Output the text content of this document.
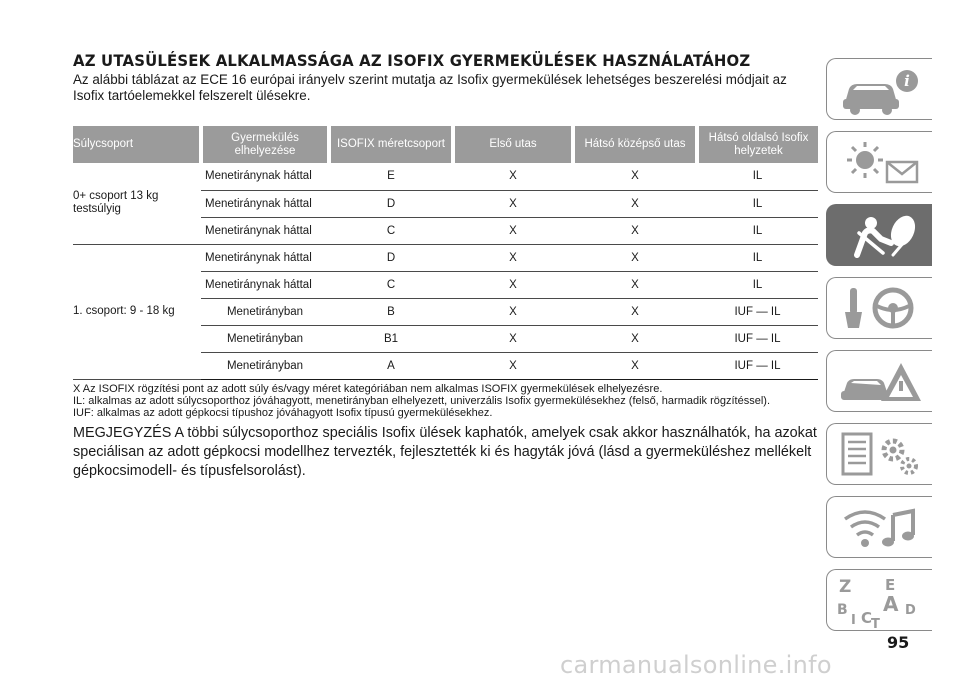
AZ UTASÜLÉSEK ALKALMASSÁGA AZ ISOFIX GYERMEKÜLÉSEK HASZNÁLATÁHOZ

Az alábbi táblázat az ECE 16 európai irányelv szerint mutatja az Isofix gyermekülések lehetséges beszerelési módjait az Isofix tartóelemekkel felszerelt ülésekre.

Súlycsoport	Gyermekülés elhelyezése	ISOFIX méretcsoport	Első utas	Hátsó középső utas	Hátsó oldalsó Isofix helyzetek
0+ csoport 13 kg testsúlyig	Menetiránynak háttal	E	X	X	IL
	Menetiránynak háttal	D	X	X	IL
	Menetiránynak háttal	C	X	X	IL
1. csoport: 9 - 18 kg	Menetiránynak háttal	D	X	X	IL
	Menetiránynak háttal	C	X	X	IL
	Menetirányban	B	X	X	IUF — IL
	Menetirányban	B1	X	X	IUF — IL
	Menetirányban	A	X	X	IUF — IL

X Az ISOFIX rögzítési pont az adott súly és/vagy méret kategóriában nem alkalmas ISOFIX gyermekülések elhelyezésre.

IL: alkalmas az adott súlycsoporthoz jóváhagyott, menetirányban elhelyezett, univerzális Isofix gyermekülésekhez (felső, harmadik rögzítéssel).

IUF: alkalmas az adott gépkocsi típushoz jóváhagyott Isofix típusú gyermekülésekhez.

MEGJEGYZÉS A többi súlycsoporthoz speciális Isofix ülések kaphatók, amelyek csak akkor használhatók, ha azokat speciálisan az adott gépkocsi modellhez tervezték, fejlesztették ki és hagyták jóvá (lásd a gyermeküléshez mellékelt gépkocsimodell- és típusfelsorolást).

i
Z E
A
B	D
I C
T
95
carmanualsonline.info
